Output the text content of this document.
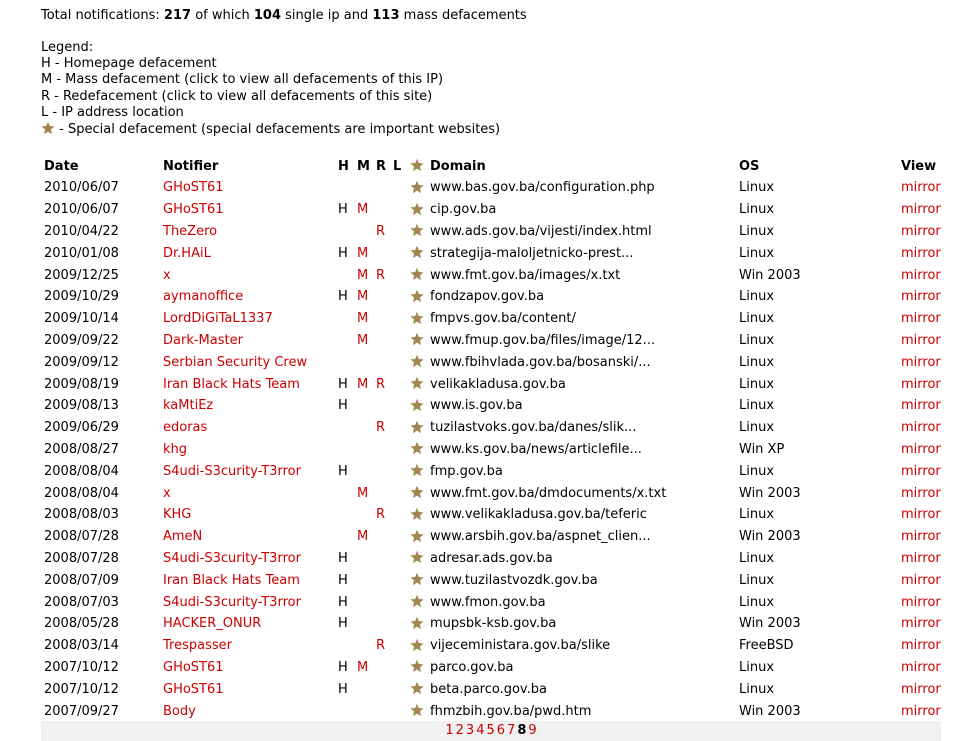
Total notifications: 217 of which 104 single ip and 113 mass defacements
Legend:
H - Homepage defacement
M - Mass defacement (click to view all defacements of this IP)
R - Redefacement (click to view all defacements of this site)
L - IP address location
- Special defacement (special defacements are important websites)
Date	Notifier	H	M	R	L		Domain	OS	View
2010/06/07	GHoST61						www.bas.gov.ba/configuration.php	Linux	mirror
2010/06/07	GHoST61	H	M				cip.gov.ba	Linux	mirror
2010/04/22	TheZero			R			www.ads.gov.ba/vijesti/index.html	Linux	mirror
2010/01/08	Dr.HAiL	H	M				strategija-maloljetnicko-prest...	Linux	mirror
2009/12/25	x		M	R			www.fmt.gov.ba/images/x.txt	Win 2003	mirror
2009/10/29	aymanoffice	H	M				fondzapov.gov.ba	Linux	mirror
2009/10/14	LordDiGiTaL1337		M				fmpvs.gov.ba/content/	Linux	mirror
2009/09/22	Dark-Master		M				www.fmup.gov.ba/files/image/12...	Linux	mirror
2009/09/12	Serbian Security Crew						www.fbihvlada.gov.ba/bosanski/...	Linux	mirror
2009/08/19	Iran Black Hats Team	H	M	R			velikakladusa.gov.ba	Linux	mirror
2009/08/13	kaMtiEz	H					www.is.gov.ba	Linux	mirror
2009/06/29	edoras			R			tuzilastvoks.gov.ba/danes/slik...	Linux	mirror
2008/08/27	khg						www.ks.gov.ba/news/articlefile...	Win XP	mirror
2008/08/04	S4udi-S3curity-T3rror	H					fmp.gov.ba	Linux	mirror
2008/08/04	x		M				www.fmt.gov.ba/dmdocuments/x.txt	Win 2003	mirror
2008/08/03	KHG			R			www.velikakladusa.gov.ba/teferic	Linux	mirror
2008/07/28	AmeN		M				www.arsbih.gov.ba/aspnet_clien...	Win 2003	mirror
2008/07/28	S4udi-S3curity-T3rror	H					adresar.ads.gov.ba	Linux	mirror
2008/07/09	Iran Black Hats Team	H					www.tuzilastvozdk.gov.ba	Linux	mirror
2008/07/03	S4udi-S3curity-T3rror	H					www.fmon.gov.ba	Linux	mirror
2008/05/28	HACKER_ONUR	H					mupsbk-ksb.gov.ba	Win 2003	mirror
2008/03/14	Trespasser			R			vijeceministara.gov.ba/slike	FreeBSD	mirror
2007/10/12	GHoST61	H	M				parco.gov.ba	Linux	mirror
2007/10/12	GHoST61	H					beta.parco.gov.ba	Linux	mirror
2007/09/27	Body						fhmzbih.gov.ba/pwd.htm	Win 2003	mirror
1 2 3 4 5 6 7 8 9
